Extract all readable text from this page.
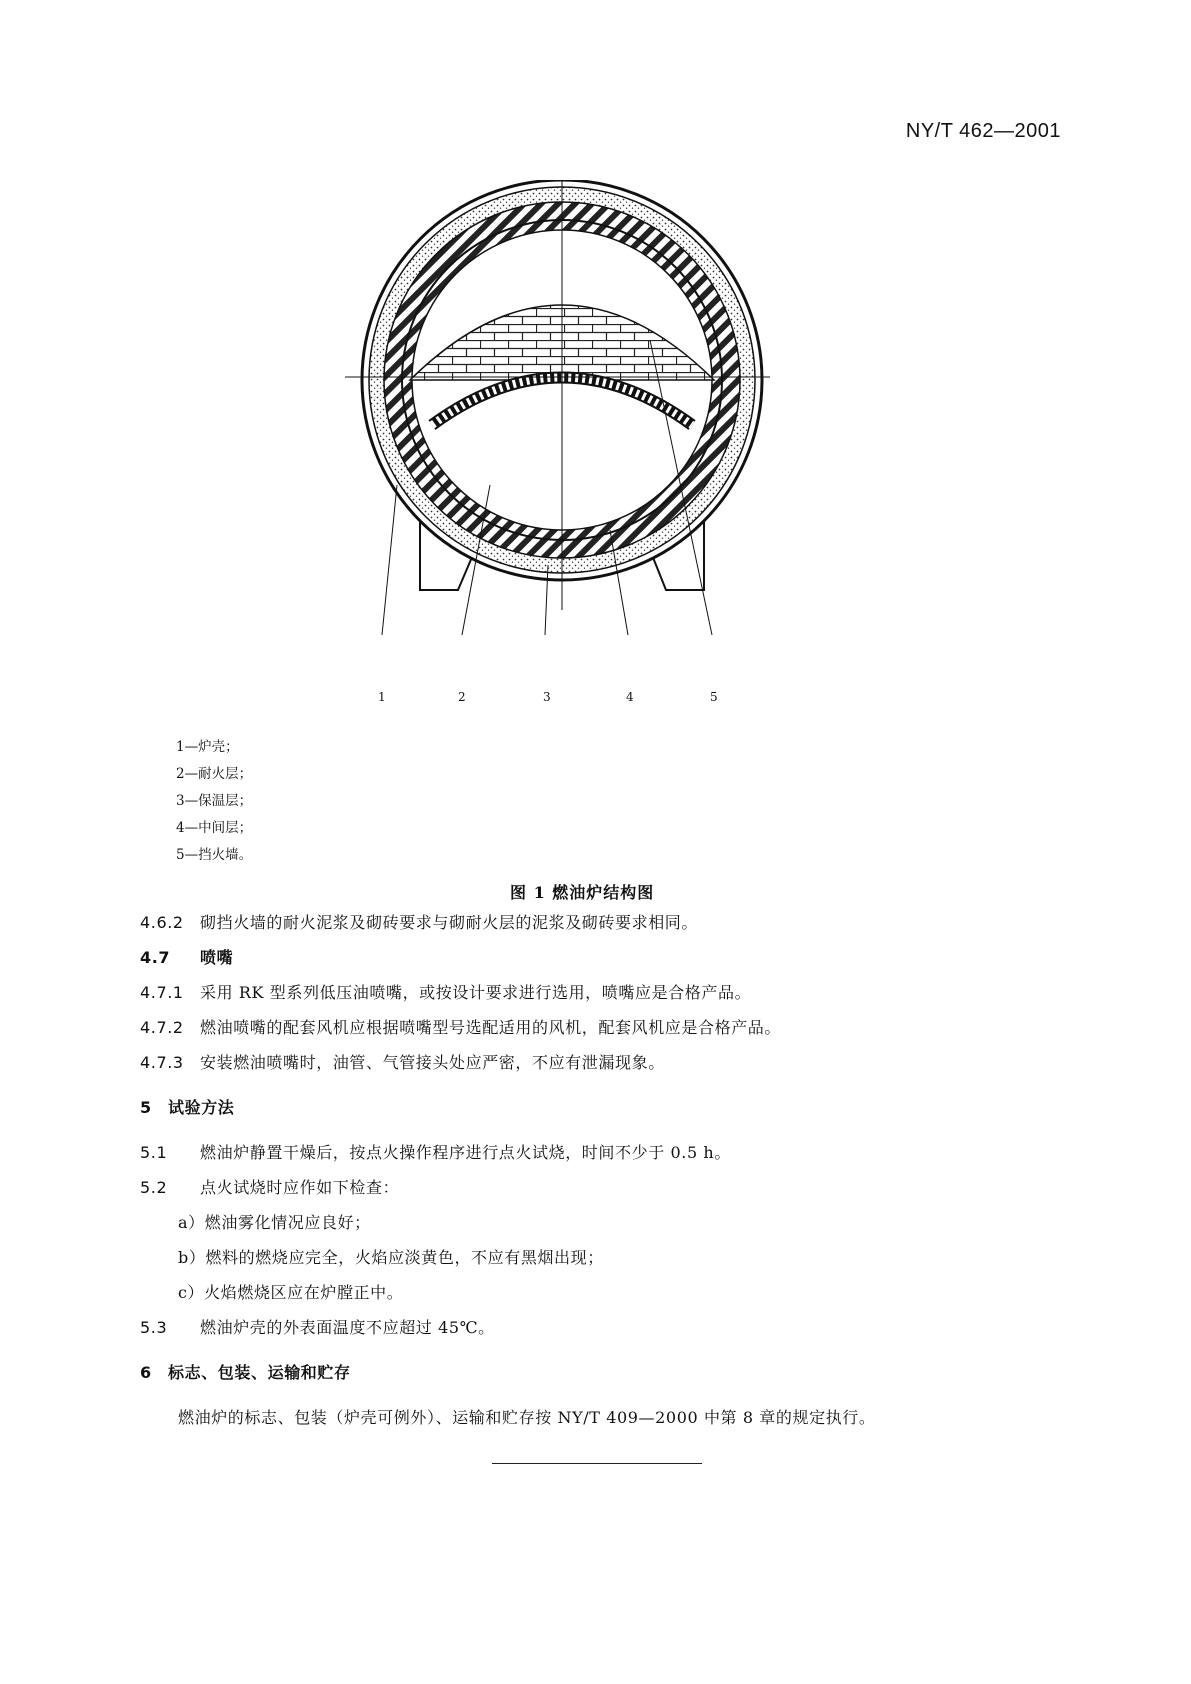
NY/T 462—2001
1	2	3	4	5
1—炉壳；
2—耐火层；
3—保温层；
4—中间层；
5—挡火墙。
图 1 燃油炉结构图
4.6.2 砌挡火墙的耐火泥浆及砌砖要求与砌耐火层的泥浆及砌砖要求相同。
4.7 喷嘴
4.7.1 采用 RK 型系列低压油喷嘴，或按设计要求进行选用，喷嘴应是合格产品。
4.7.2 燃油喷嘴的配套风机应根据喷嘴型号选配适用的风机，配套风机应是合格产品。
4.7.3 安装燃油喷嘴时，油管、气管接头处应严密，不应有泄漏现象。
5 试验方法
5.1 燃油炉静置干燥后，按点火操作程序进行点火试烧，时间不少于 0.5 h。
5.2 点火试烧时应作如下检查：
a）燃油雾化情况应良好；
b）燃料的燃烧应完全，火焰应淡黄色，不应有黑烟出现；
c）火焰燃烧区应在炉膛正中。
5.3 燃油炉壳的外表面温度不应超过 45℃。
6 标志、包装、运输和贮存
燃油炉的标志、包装（炉壳可例外）、运输和贮存按 NY/T 409—2000 中第 8 章的规定执行。
